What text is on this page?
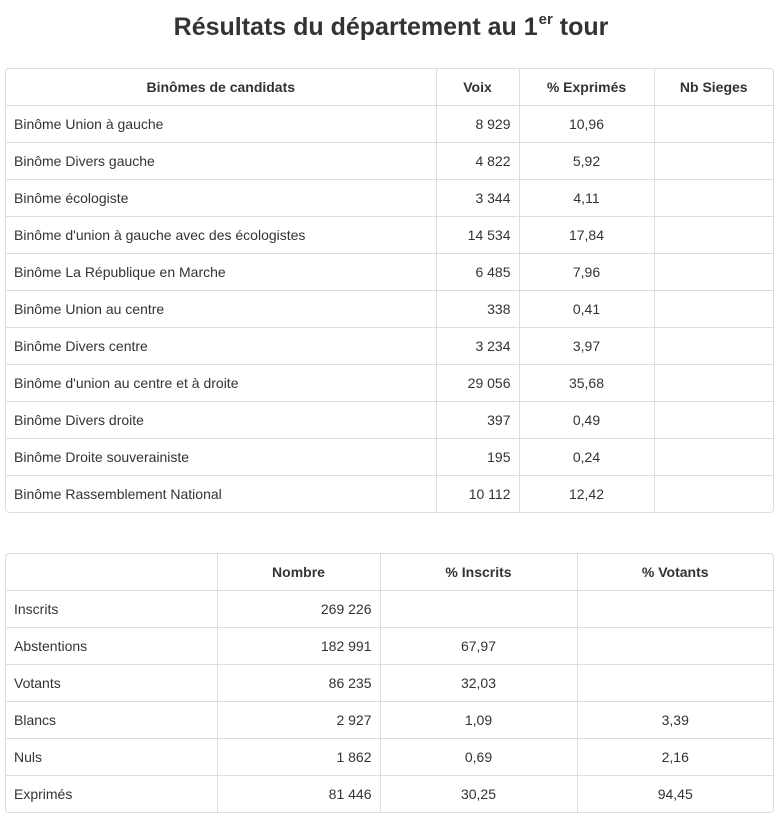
Résultats du département au 1er tour
Binômes de candidats	Voix	% Exprimés	Nb Sieges
Binôme Union à gauche	8 929	10,96	
Binôme Divers gauche	4 822	5,92	
Binôme écologiste	3 344	4,11	
Binôme d'union à gauche avec des écologistes	14 534	17,84	
Binôme La République en Marche	6 485	7,96	
Binôme Union au centre	338	0,41	
Binôme Divers centre	3 234	3,97	
Binôme d'union au centre et à droite	29 056	35,68	
Binôme Divers droite	397	0,49	
Binôme Droite souverainiste	195	0,24	
Binôme Rassemblement National	10 112	12,42	
	Nombre	% Inscrits	% Votants
Inscrits	269 226		
Abstentions	182 991	67,97	
Votants	86 235	32,03	
Blancs	2 927	1,09	3,39
Nuls	1 862	0,69	2,16
Exprimés	81 446	30,25	94,45
